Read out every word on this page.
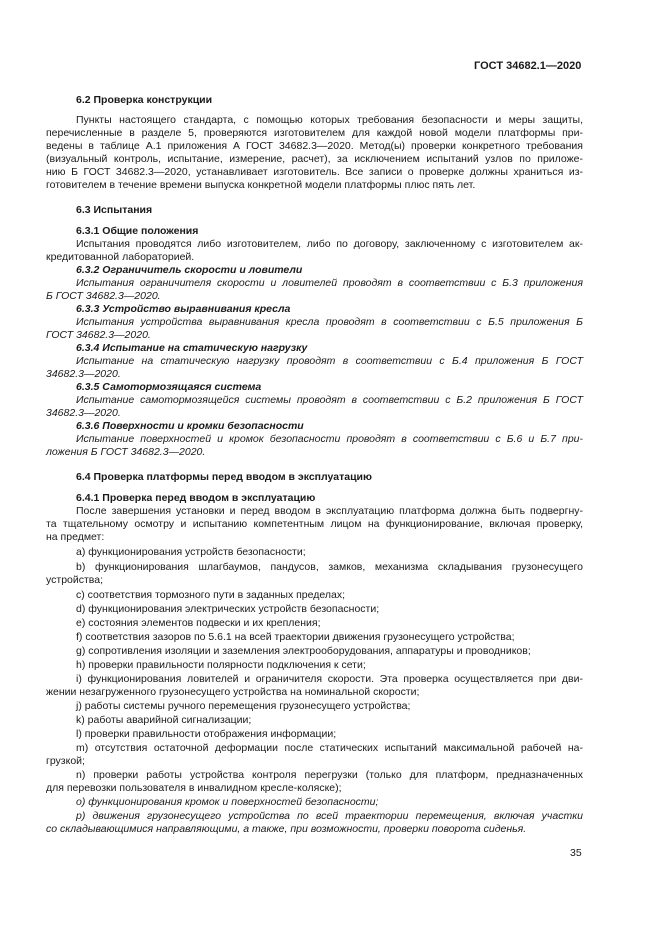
ГОСТ 34682.1—2020
6.2 Проверка конструкции
Пункты настоящего стандарта, с помощью которых требования безопасности и меры защиты,
перечисленные в разделе 5, проверяются изготовителем для каждой новой модели платформы при-
ведены в таблице А.1 приложения А ГОСТ 34682.3—2020. Метод(ы) проверки конкретного требования
(визуальный контроль, испытание, измерение, расчет), за исключением испытаний узлов по приложе-
нию Б ГОСТ 34682.3—2020, устанавливает изготовитель. Все записи о проверке должны храниться из-
готовителем в течение времени выпуска конкретной модели платформы плюс пять лет.
6.3 Испытания
6.3.1 Общие положения
Испытания проводятся либо изготовителем, либо по договору, заключенному с изготовителем ак-
кредитованной лабораторией.
6.3.2 Ограничитель скорости и ловители
Испытания ограничителя скорости и ловителей проводят в соответствии с Б.3 приложения
Б ГОСТ 34682.3—2020.
6.3.3 Устройство выравнивания кресла
Испытания устройства выравнивания кресла проводят в соответствии с Б.5 приложения Б
ГОСТ 34682.3—2020.
6.3.4 Испытание на статическую нагрузку
Испытание на статическую нагрузку проводят в соответствии с Б.4 приложения Б ГОСТ
34682.3—2020.
6.3.5 Самотормозящаяся система
Испытание самотормозящейся системы проводят в соответствии с Б.2 приложения Б ГОСТ
34682.3—2020.
6.3.6 Поверхности и кромки безопасности
Испытание поверхностей и кромок безопасности проводят в соответствии с Б.6 и Б.7 при-
ложения Б ГОСТ 34682.3—2020.
6.4 Проверка платформы перед вводом в эксплуатацию
6.4.1 Проверка перед вводом в эксплуатацию
После завершения установки и перед вводом в эксплуатацию платформа должна быть подвергну-
та тщательному осмотру и испытанию компетентным лицом на функционирование, включая проверку,
на предмет:
a) функционирования устройств безопасности;
b) функционирования шлагбаумов, пандусов, замков, механизма складывания грузонесущего
устройства;
c) соответствия тормозного пути в заданных пределах;
d) функционирования электрических устройств безопасности;
e) состояния элементов подвески и их крепления;
f) соответствия зазоров по 5.6.1 на всей траектории движения грузонесущего устройства;
g) сопротивления изоляции и заземления электрооборудования, аппаратуры и проводников;
h) проверки правильности полярности подключения к сети;
i) функционирования ловителей и ограничителя скорости. Эта проверка осуществляется при дви-
жении незагруженного грузонесущего устройства на номинальной скорости;
j) работы системы ручного перемещения грузонесущего устройства;
k) работы аварийной сигнализации;
l) проверки правильности отображения информации;
m) отсутствия остаточной деформации после статических испытаний максимальной рабочей на-
грузкой;
n) проверки работы устройства контроля перегрузки (только для платформ, предназначенных
для перевозки пользователя в инвалидном кресле-коляске);
o) функционирования кромок и поверхностей безопасности;
p) движения грузонесущего устройства по всей траектории перемещения, включая участки
со складывающимися направляющими, а также, при возможности, проверки поворота сиденья.
35
